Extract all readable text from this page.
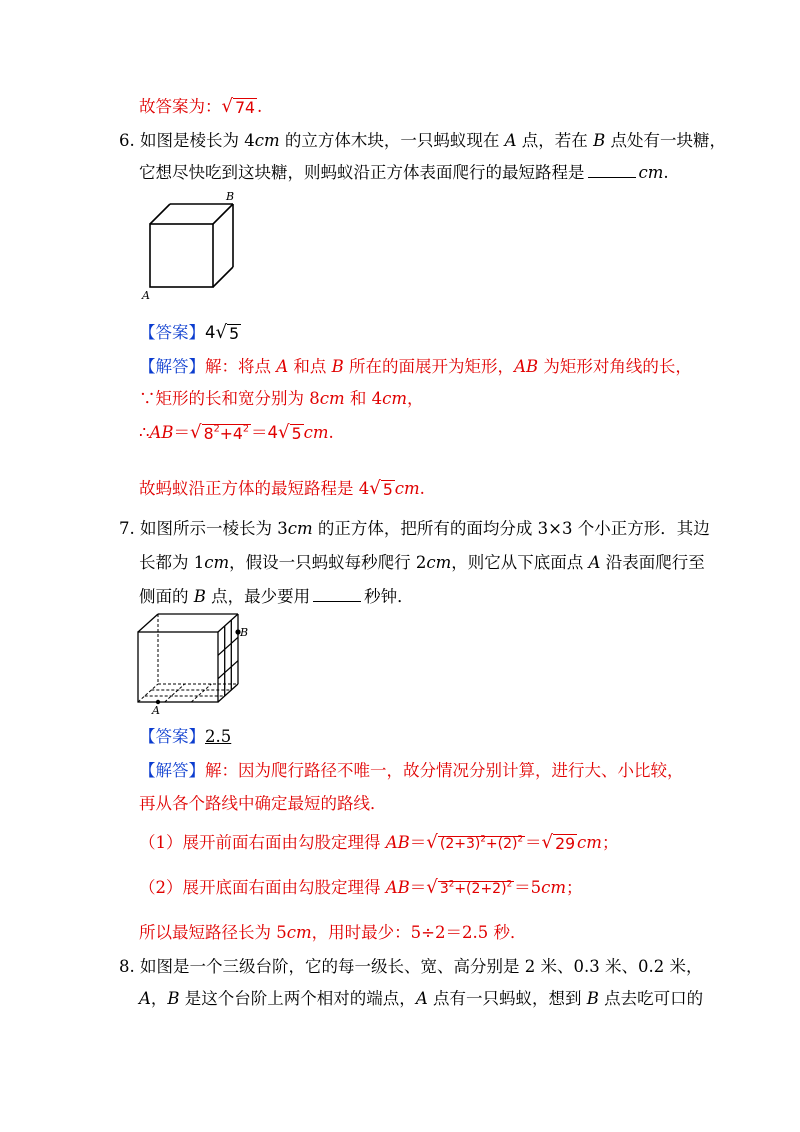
故答案为： √ 74 .
6. 如图是棱长为 4cm 的立方体木块，一只蚂蚁现在 A 点，若在 B 点处有一块糖，
它想尽快吃到这块糖，则蚂蚁沿正方体表面爬行的最短路程是	cm.
B
A
【答案】4 √ 5
【解答】解：将点 A 和点 B 所在的面展开为矩形，AB 为矩形对角线的长，
∵矩形的长和宽分别为 8cm 和 4cm，
∴AB＝ √ $8^2+4^2 =4$ √ 5 cm.
故蚂蚁沿正方体的最短路程是 4 √ 5 cm.
7. 如图所示一棱长为 3cm 的正方体，把所有的面均分成 3×3 个小正方形．其边
长都为 1cm，假设一只蚂蚁每秒爬行 2cm，则它从下底面点 A 沿表面爬行至
侧面的 B 点，最少要用	秒钟．
B
A
【答案】2.5
【解答】解：因为爬行路径不唯一，故分情况分别计算，进行大、小比较，
再从各个路线中确定最短的路线．
（1）展开前面右面由勾股定理得 AB＝ √ $(2+3)^2+(2)^2$ ＝ √ 29 cm；
（2）展开底面右面由勾股定理得 AB＝ √ $3^2+(2+2)^2 =5cm$；
所以最短路径长为 5cm，用时最少：5÷2＝2.5 秒．
8. 如图是一个三级台阶，它的每一级长、宽、高分别是 2 米、0.3 米、0.2 米，
A，B 是这个台阶上两个相对的端点，A 点有一只蚂蚁，想到 B 点去吃可口的
